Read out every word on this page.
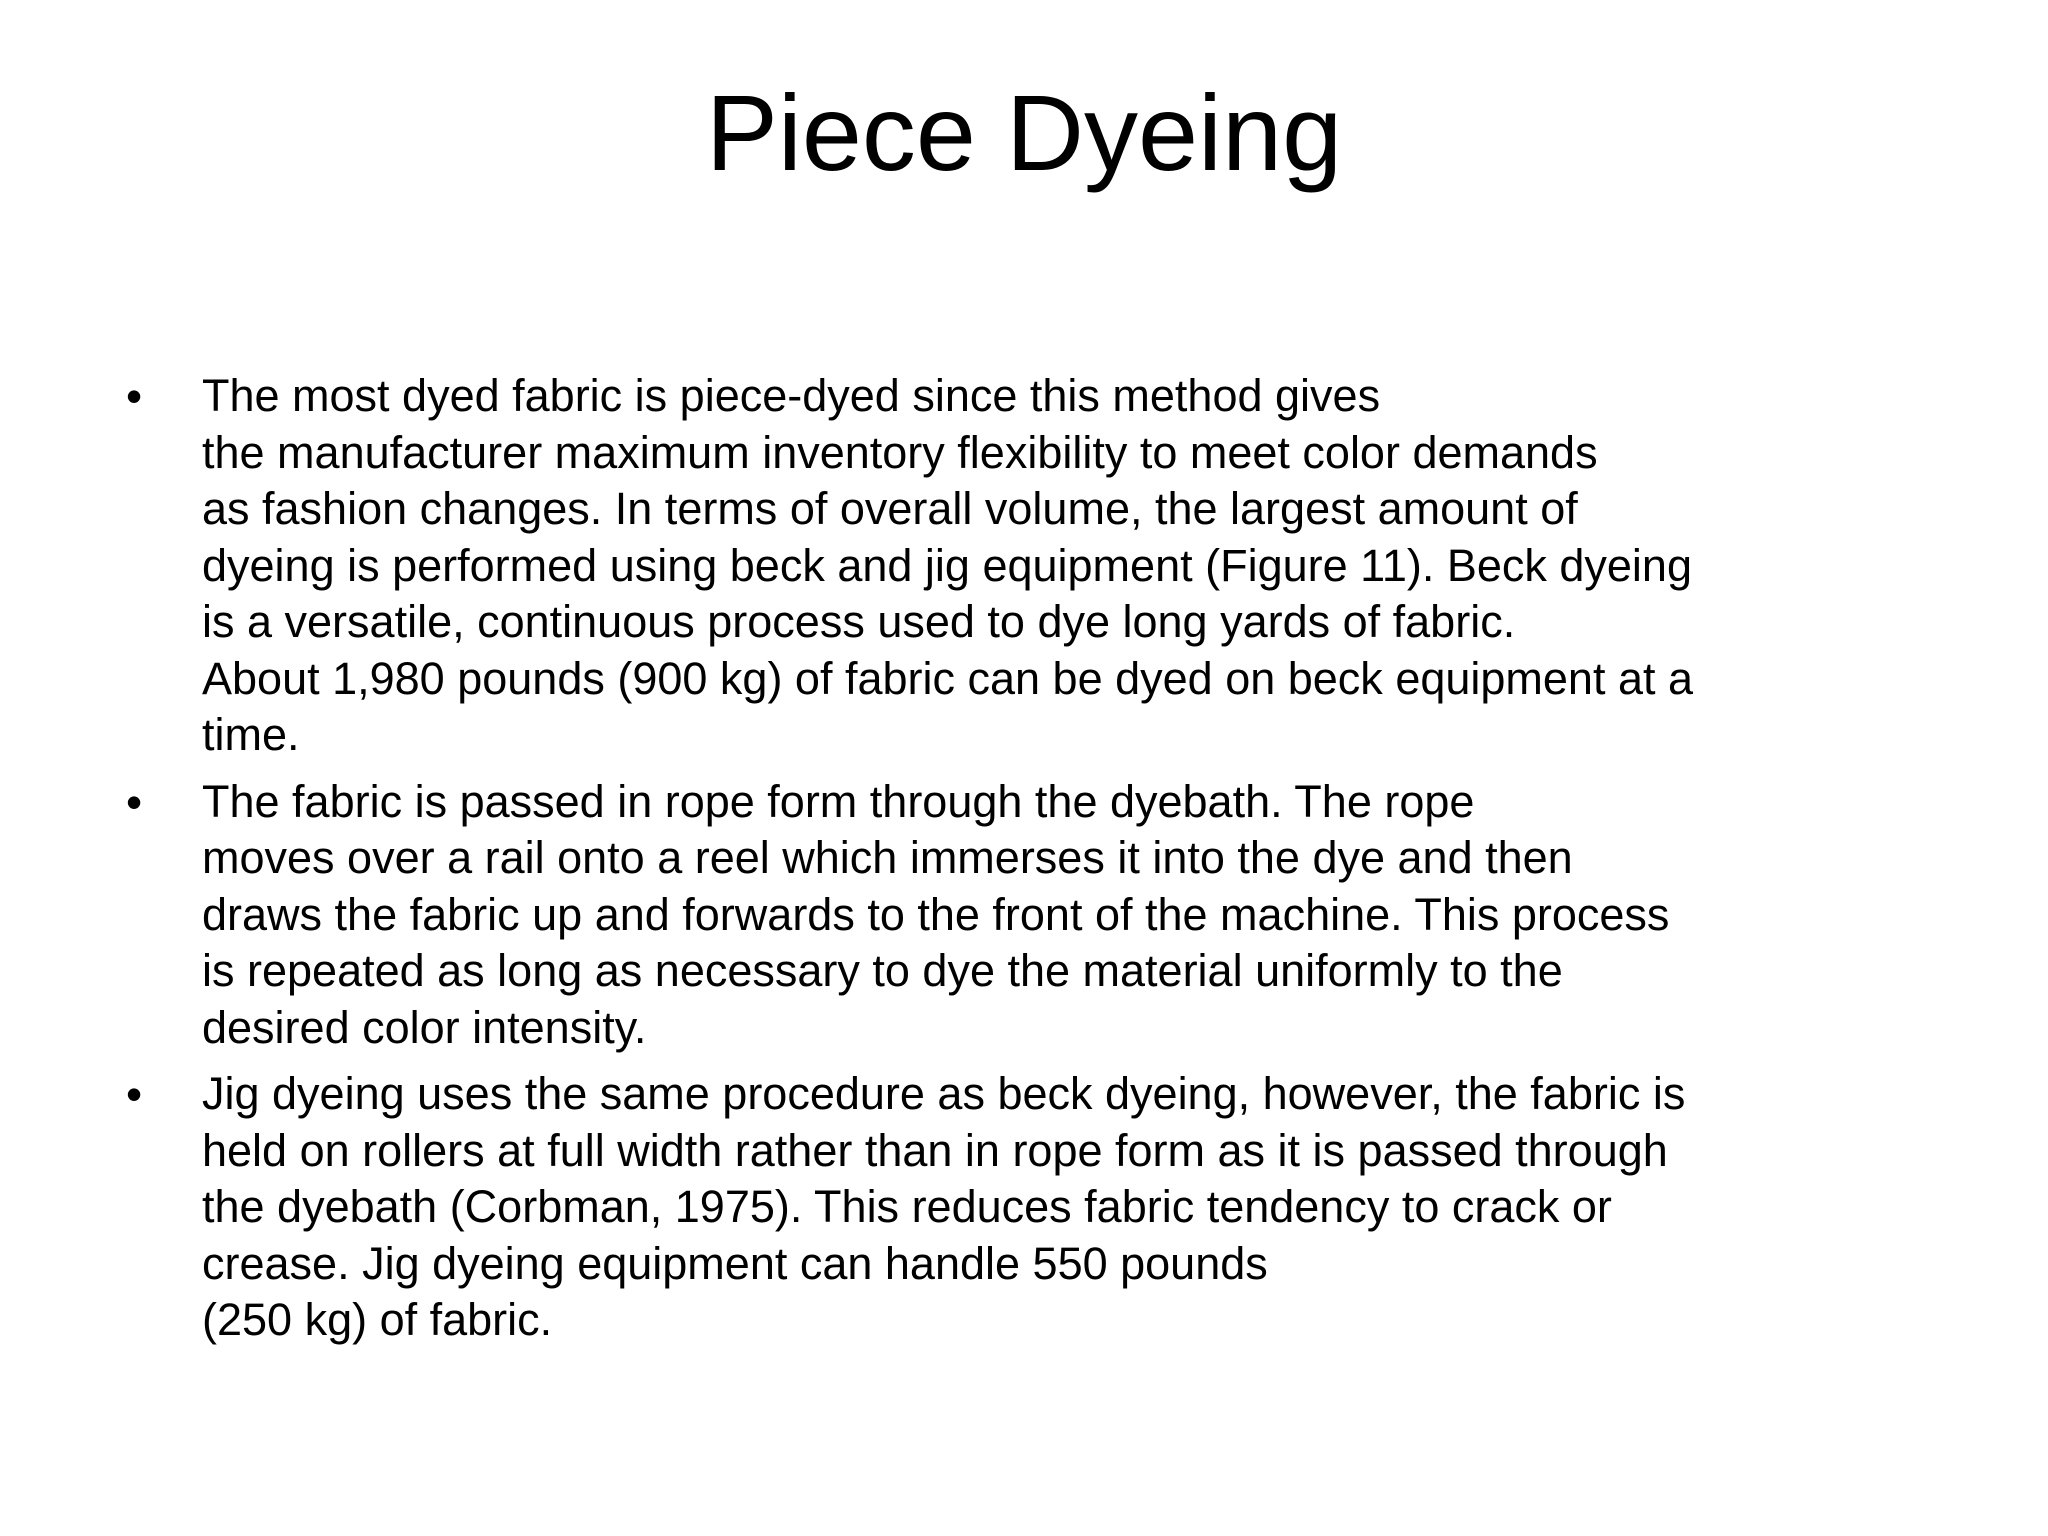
Piece Dyeing
• The most dyed fabric is piece-dyed since this method gives
the manufacturer maximum inventory flexibility to meet color demands
as fashion changes. In terms of overall volume, the largest amount of
dyeing is performed using beck and jig equipment (Figure 11). Beck dyeing
is a versatile, continuous process used to dye long yards of fabric.
About 1,980 pounds (900 kg) of fabric can be dyed on beck equipment at a
time.
• The fabric is passed in rope form through the dyebath. The rope
moves over a rail onto a reel which immerses it into the dye and then
draws the fabric up and forwards to the front of the machine. This process
is repeated as long as necessary to dye the material uniformly to the
desired color intensity.
• Jig dyeing uses the same procedure as beck dyeing, however, the fabric is
held on rollers at full width rather than in rope form as it is passed through
the dyebath (Corbman, 1975). This reduces fabric tendency to crack or
crease. Jig dyeing equipment can handle 550 pounds
(250 kg) of fabric.
